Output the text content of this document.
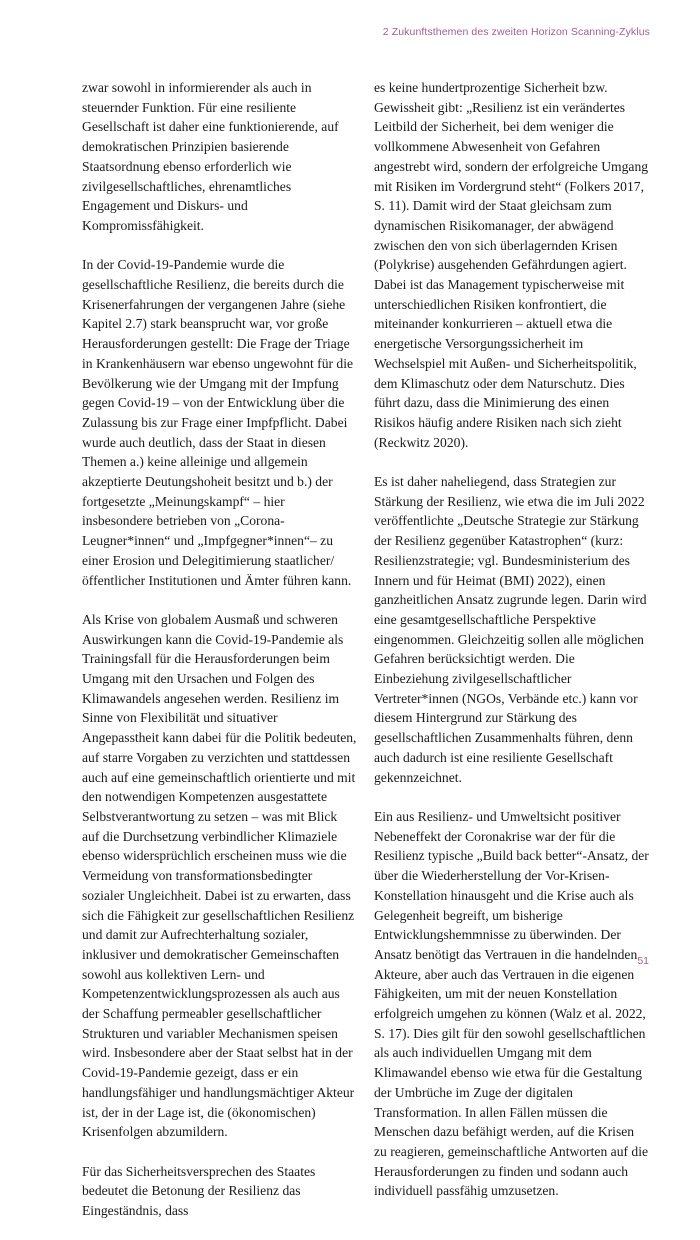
2 Zukunftsthemen des zweiten Horizon Scanning-Zyklus

zwar sowohl in informierender als auch in steuernder Funktion. Für eine resiliente Gesellschaft ist daher eine funktionierende, auf demokratischen Prinzipien basierende Staatsordnung ebenso erforderlich wie zivilgesellschaftliches, ehrenamtliches Engagement und Diskurs- und Kompromissfähigkeit.

In der Covid-19-Pandemie wurde die gesellschaftliche Resilienz, die bereits durch die Krisenerfahrungen der vergangenen Jahre (siehe Kapitel 2.7) stark beansprucht war, vor große Herausforderungen gestellt: Die Frage der Triage in Krankenhäusern war ebenso ungewohnt für die Bevölkerung wie der Umgang mit der Impfung gegen Covid-19 – von der Entwicklung über die Zulassung bis zur Frage einer Impfpflicht. Dabei wurde auch deutlich, dass der Staat in diesen Themen a.) keine alleinige und allgemein akzeptierte Deutungshoheit besitzt und b.) der fortgesetzte „Meinungskampf“ – hier insbesondere betrieben von „Corona-Leugner*innen“ und „Impfgegner*innen“– zu einer Erosion und Delegitimierung staatlicher/öffentlicher Institutionen und Ämter führen kann.

Als Krise von globalem Ausmaß und schweren Auswirkungen kann die Covid-19-Pandemie als Trainingsfall für die Herausforderungen beim Umgang mit den Ursachen und Folgen des Klimawandels angesehen werden. Resilienz im Sinne von Flexibilität und situativer Angepasstheit kann dabei für die Politik bedeuten, auf starre Vorgaben zu verzichten und stattdessen auch auf eine gemeinschaftlich orientierte und mit den notwendigen Kompetenzen ausgestattete Selbstverantwortung zu setzen – was mit Blick auf die Durchsetzung verbindlicher Klimaziele ebenso widersprüchlich erscheinen muss wie die Vermeidung von transformationsbedingter sozialer Ungleichheit. Dabei ist zu erwarten, dass sich die Fähigkeit zur gesellschaftlichen Resilienz und damit zur Aufrechterhaltung sozialer, inklusiver und demokratischer Gemeinschaften sowohl aus kollektiven Lern- und Kompetenzentwicklungsprozessen als auch aus der Schaffung permeabler gesellschaftlicher Strukturen und variabler Mechanismen speisen wird. Insbesondere aber der Staat selbst hat in der Covid-19-Pandemie gezeigt, dass er ein handlungsfähiger und handlungsmächtiger Akteur ist, der in der Lage ist, die (ökonomischen) Krisenfolgen abzumildern.

Für das Sicherheitsversprechen des Staates bedeutet die Betonung der Resilienz das Eingeständnis, dass

es keine hundertprozentige Sicherheit bzw. Gewissheit gibt: „Resilienz ist ein verändertes Leitbild der Sicherheit, bei dem weniger die vollkommene Abwesenheit von Gefahren angestrebt wird, sondern der erfolgreiche Umgang mit Risiken im Vordergrund steht“ (Folkers 2017, S. 11). Damit wird der Staat gleichsam zum dynamischen Risikomanager, der abwägend zwischen den von sich überlagernden Krisen (Polykrise) ausgehenden Gefährdungen agiert. Dabei ist das Management typischerweise mit unterschiedlichen Risiken konfrontiert, die miteinander konkurrieren – aktuell etwa die energetische Versorgungssicherheit im Wechselspiel mit Außen- und Sicherheitspolitik, dem Klimaschutz oder dem Naturschutz. Dies führt dazu, dass die Minimierung des einen Risikos häufig andere Risiken nach sich zieht (Reckwitz 2020).

Es ist daher naheliegend, dass Strategien zur Stärkung der Resilienz, wie etwa die im Juli 2022 veröffentlichte „Deutsche Strategie zur Stärkung der Resilienz gegenüber Katastrophen“ (kurz: Resilienzstrategie; vgl. Bundesministerium des Innern und für Heimat (BMI) 2022), einen ganzheitlichen Ansatz zugrunde legen. Darin wird eine gesamtgesellschaftliche Perspektive eingenommen. Gleichzeitig sollen alle möglichen Gefahren berücksichtigt werden. Die Einbeziehung zivilgesellschaftlicher Vertreter*innen (NGOs, Verbände etc.) kann vor diesem Hintergrund zur Stärkung des gesellschaftlichen Zusammenhalts führen, denn auch dadurch ist eine resiliente Gesellschaft gekennzeichnet.

Ein aus Resilienz- und Umweltsicht positiver Nebeneffekt der Coronakrise war der für die Resilienz typische „Build back better“-Ansatz, der über die Wiederherstellung der Vor-Krisen-Konstellation hinausgeht und die Krise auch als Gelegenheit begreift, um bisherige Entwicklungshemmnisse zu überwinden. Der Ansatz benötigt das Vertrauen in die handelnden Akteure, aber auch das Vertrauen in die eigenen Fähigkeiten, um mit der neuen Konstellation erfolgreich umgehen zu können (Walz et al. 2022, S. 17). Dies gilt für den sowohl gesellschaftlichen als auch individuellen Umgang mit dem Klimawandel ebenso wie etwa für die Gestaltung der Umbrüche im Zuge der digitalen Transformation. In allen Fällen müssen die Menschen dazu befähigt werden, auf die Krisen zu reagieren, gemeinschaftliche Antworten auf die Herausforderungen zu finden und sodann auch individuell passfähig umzusetzen.

51
